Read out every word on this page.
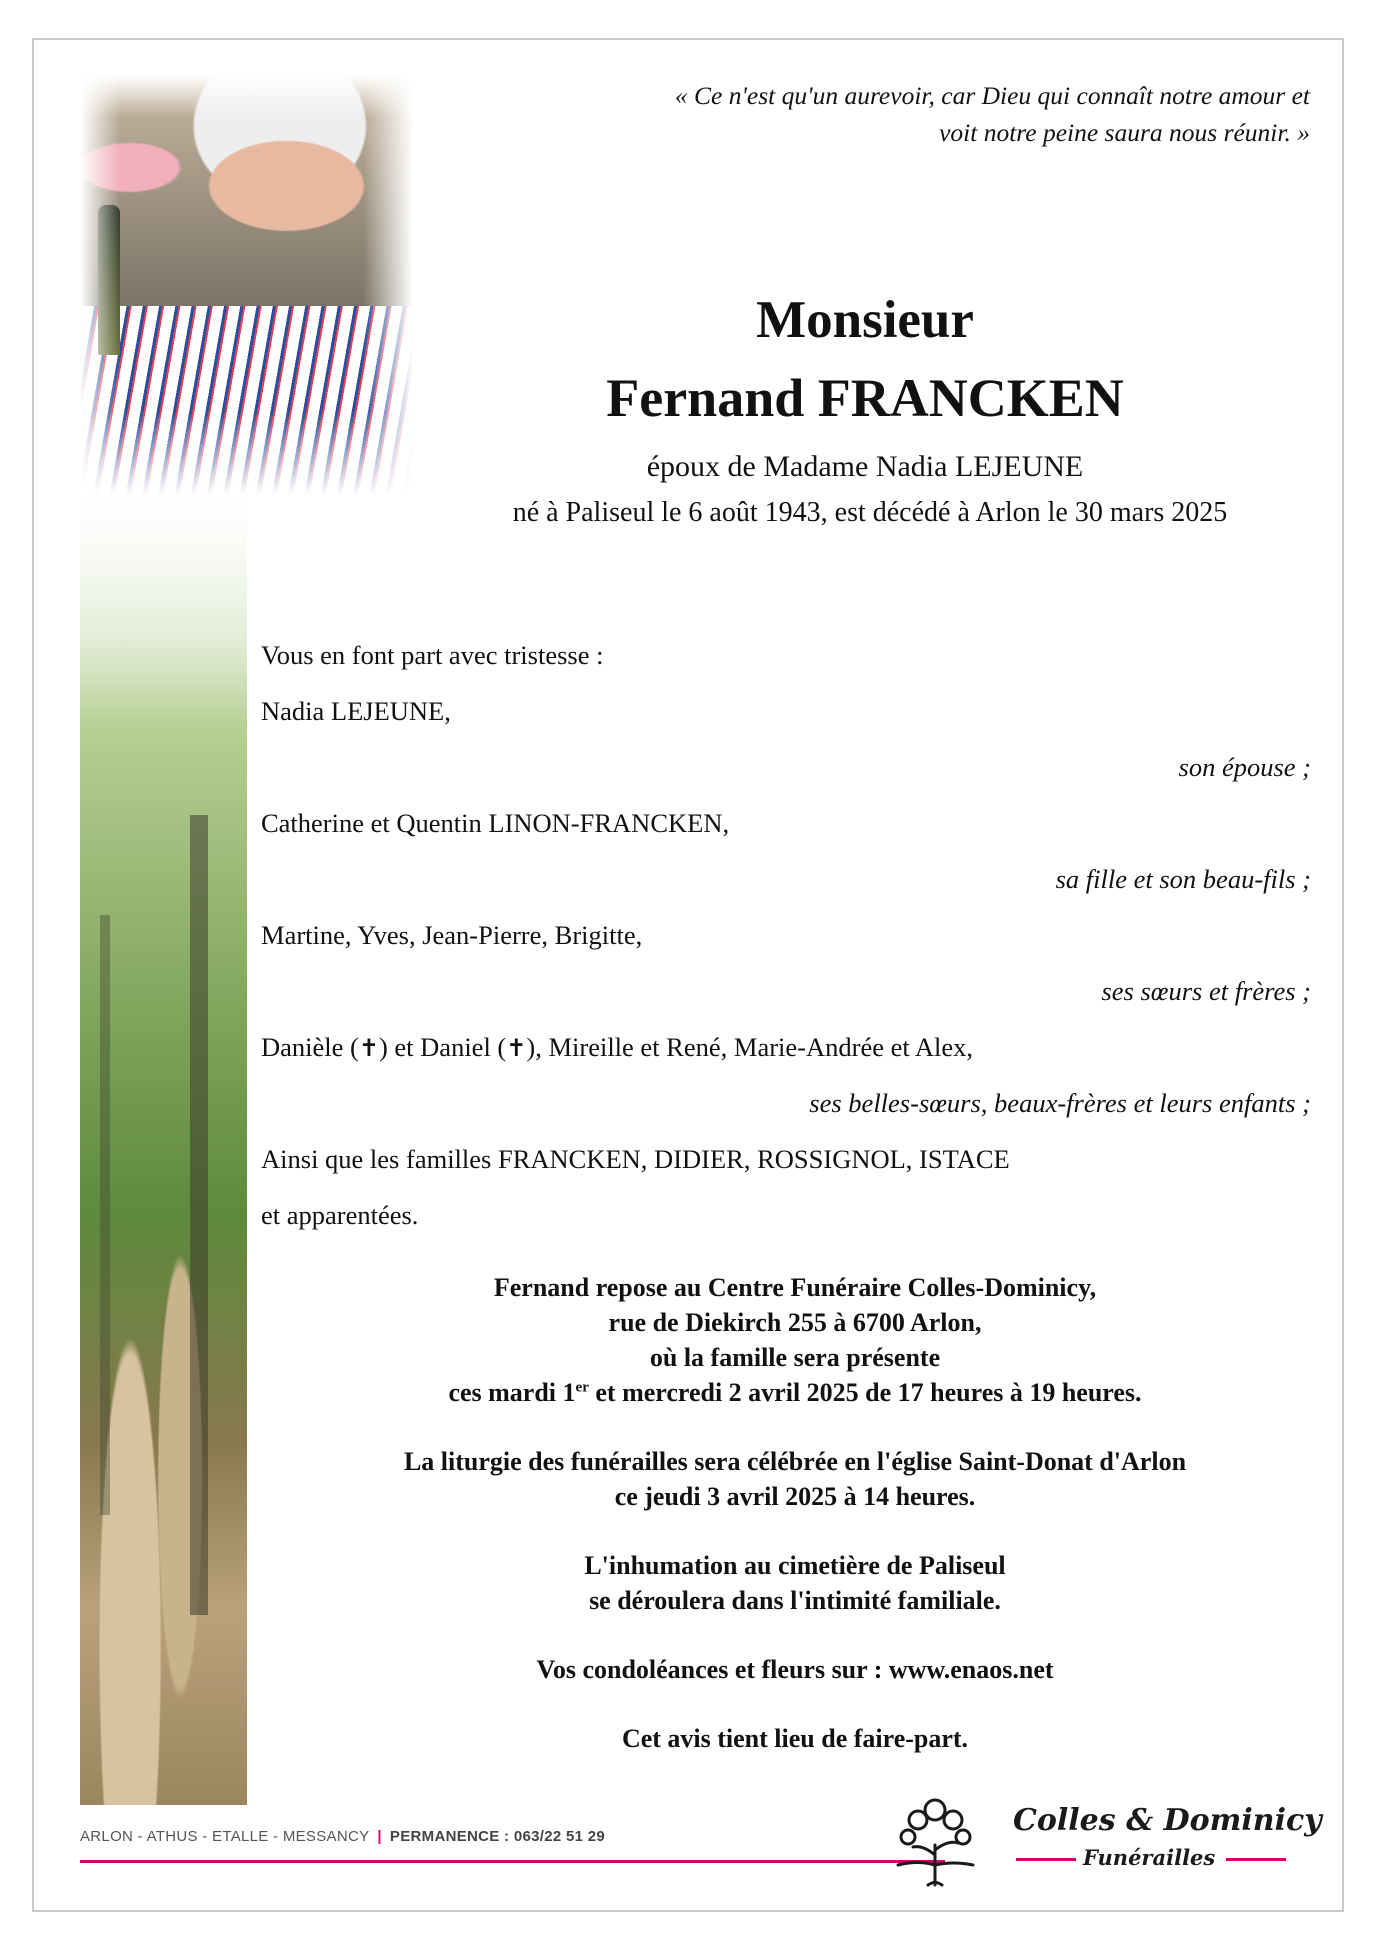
« Ce n'est qu'un aurevoir, car Dieu qui connaît notre amour et
voit notre peine saura nous réunir. »
Monsieur
Fernand FRANCKEN
époux de Madame Nadia LEJEUNE
né à Paliseul le 6 août 1943, est décédé à Arlon le 30 mars 2025
Vous en font part avec tristesse :
Nadia LEJEUNE,
son épouse ;
Catherine et Quentin LINON-FRANCKEN,
sa fille et son beau-fils ;
Martine, Yves, Jean-Pierre, Brigitte,
ses sœurs et frères ;
Danièle (✝) et Daniel (✝), Mireille et René, Marie-Andrée et Alex,
ses belles-sœurs, beaux-frères et leurs enfants ;
Ainsi que les familles FRANCKEN, DIDIER, ROSSIGNOL, ISTACE
et apparentées.
Fernand repose au Centre Funéraire Colles-Dominicy,
rue de Diekirch 255 à 6700 Arlon,
où la famille sera présente
ces mardi 1er et mercredi 2 avril 2025 de 17 heures à 19 heures.
La liturgie des funérailles sera célébrée en l'église Saint-Donat d'Arlon
ce jeudi 3 avril 2025 à 14 heures.
L'inhumation au cimetière de Paliseul
se déroulera dans l'intimité familiale.
Vos condoléances et fleurs sur : www.enaos.net
Cet avis tient lieu de faire-part.
ARLON - ATHUS - ETALLE - MESSANCY | PERMANENCE : 063/22 51 29	Colles & Dominicy
Funérailles
